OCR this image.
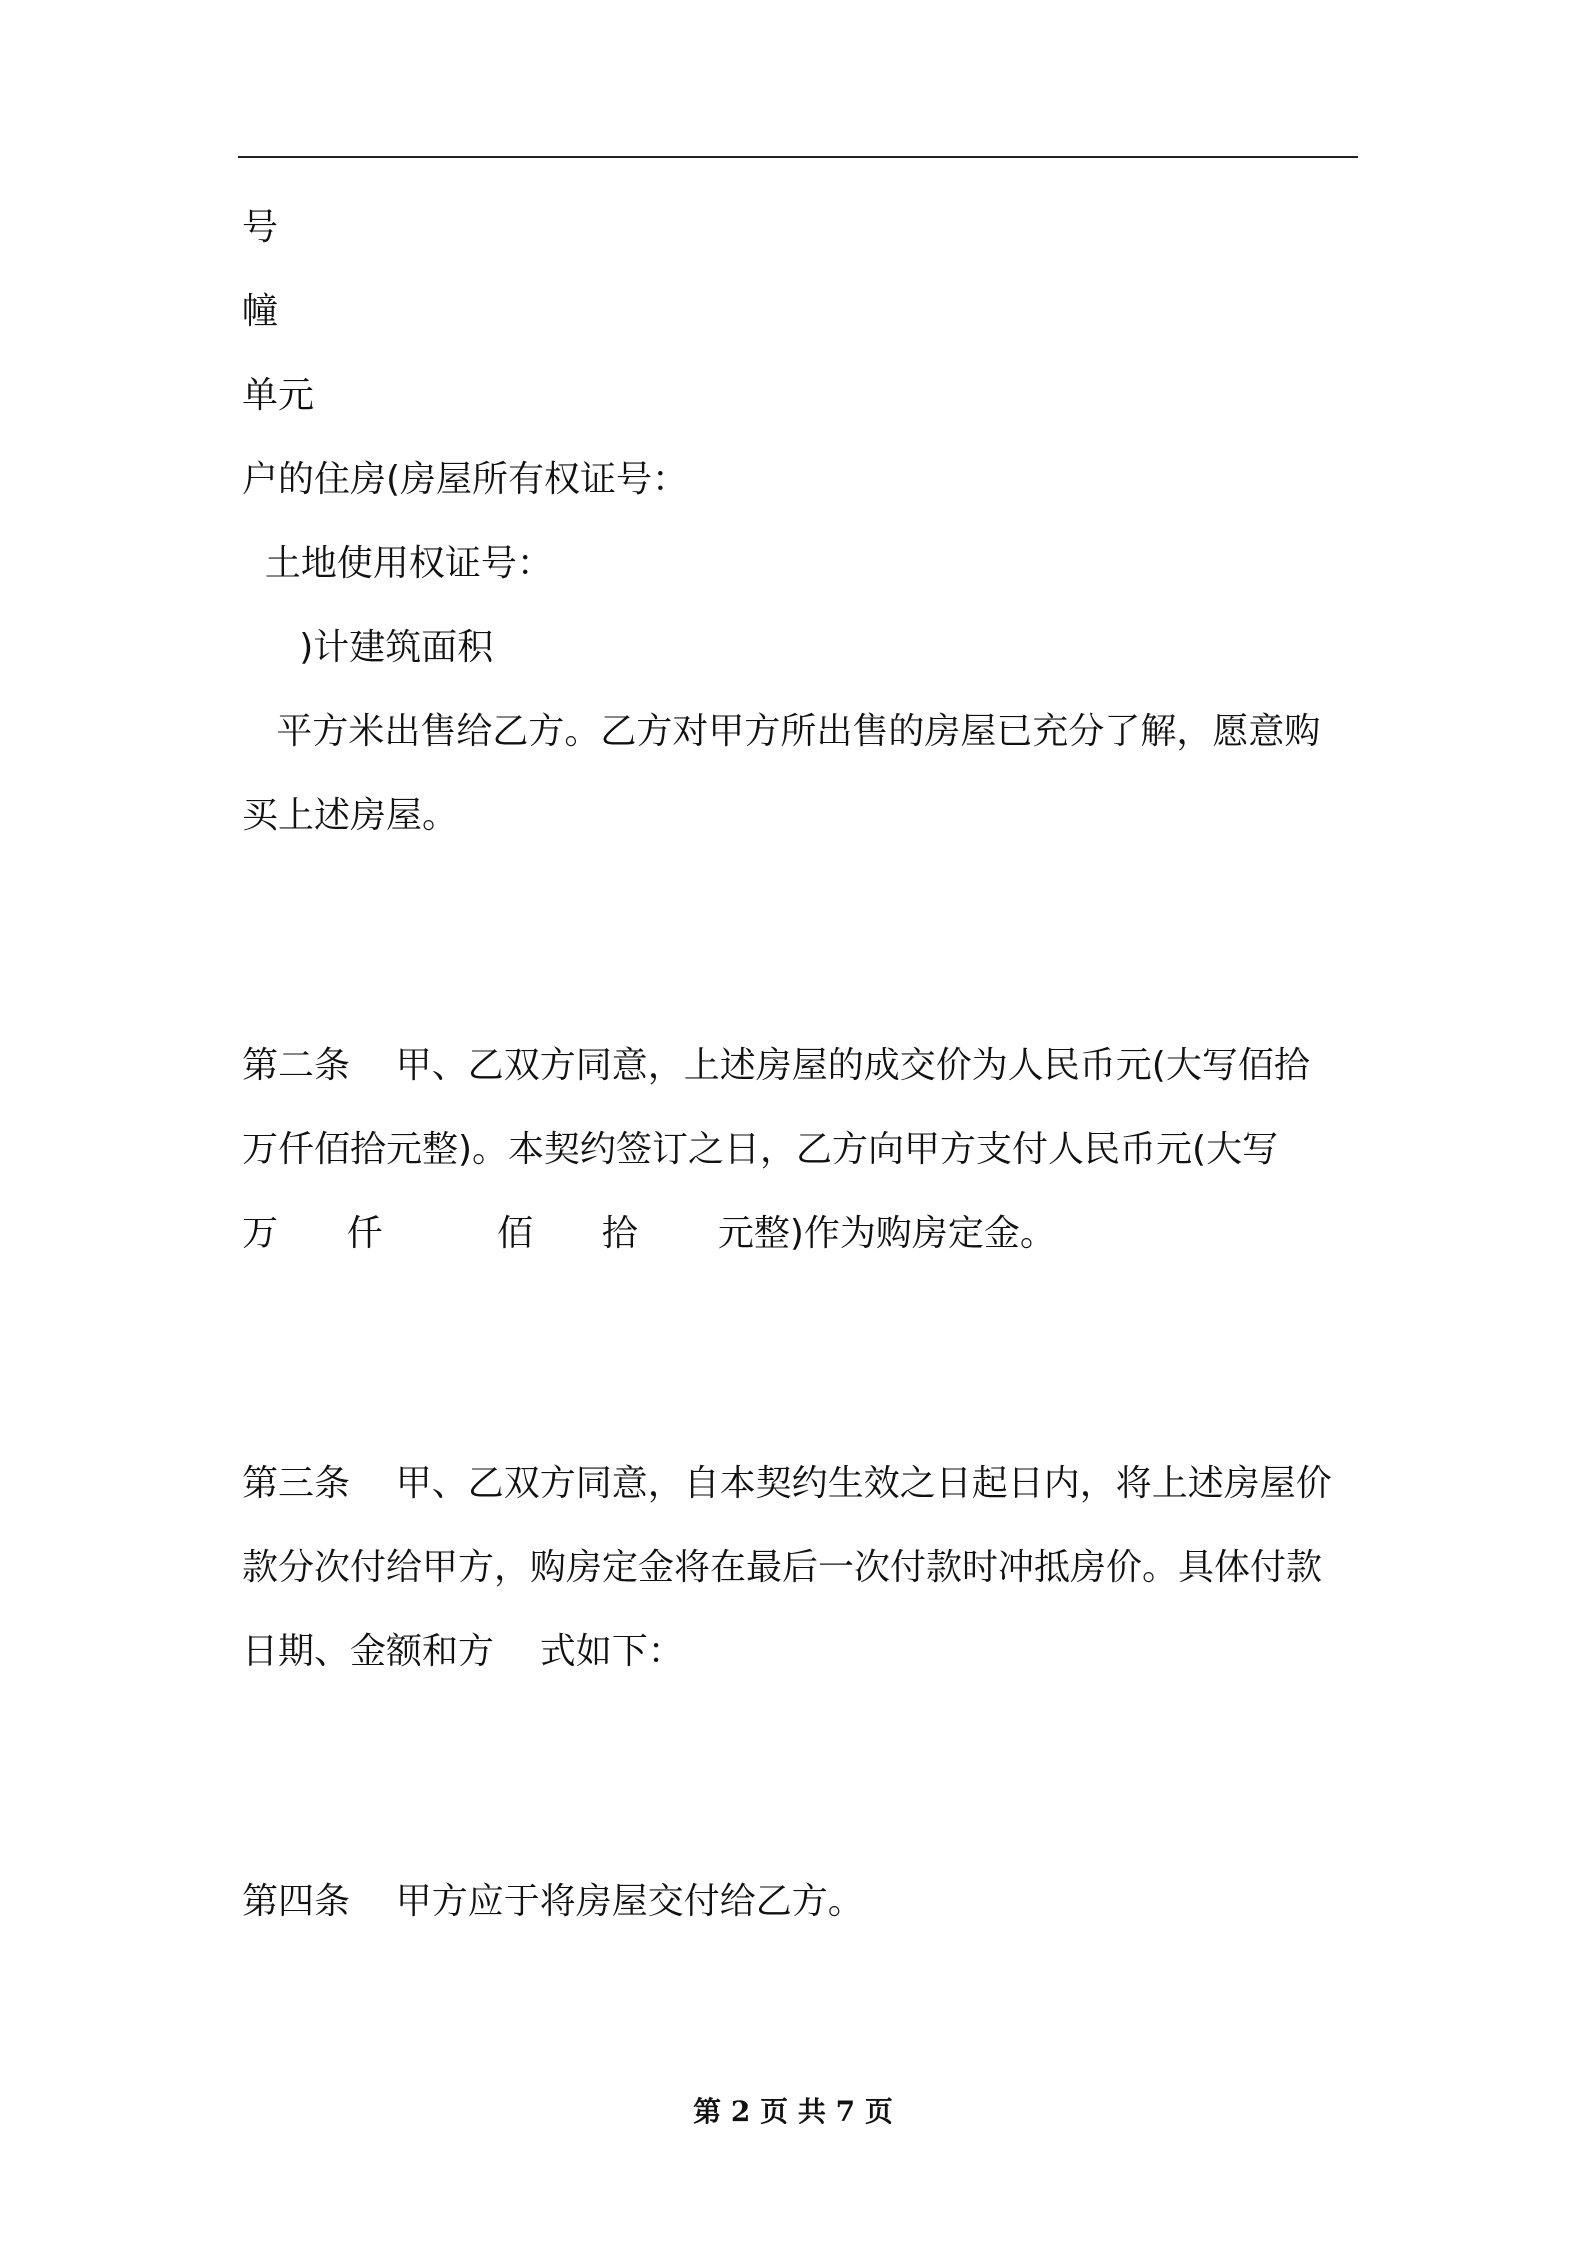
号
幢
单元
户的住房(房屋所有权证号：
土地使用权证号：
)计建筑面积
平方米出售给乙方。乙方对甲方所出售的房屋已充分了解，愿意购
买上述房屋。
第二条    甲、乙双方同意，上述房屋的成交价为人民币元(大写佰拾
万仟佰拾元整)。本契约签订之日，乙方向甲方支付人民币元(大写
万      仟          佰      拾       元整)作为购房定金。
第三条    甲、乙双方同意，自本契约生效之日起日内，将上述房屋价
款分次付给甲方，购房定金将在最后一次付款时冲抵房价。具体付款
日期、金额和方    式如下：
第四条    甲方应于将房屋交付给乙方。
第 2 页 共 7 页
